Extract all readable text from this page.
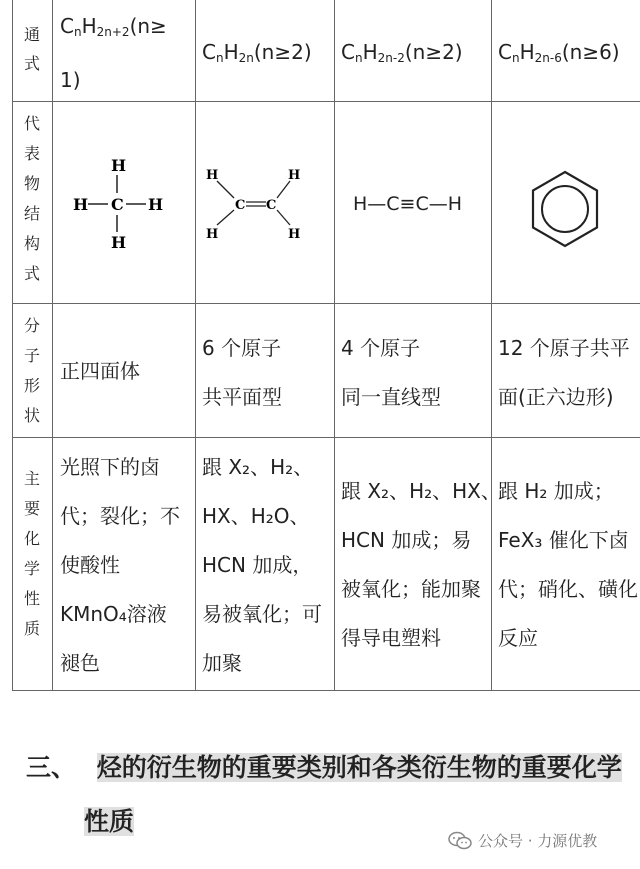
通
式
代
表
物
结
构
式
分
子
形
状
主
要
化
学
性
质
$C_nH_{2n+2}(n\ge$
1)
$C_nH_{2n}(n\ge 2)$ $C_nH_{2n-2}(n\ge 2)$ $C_nH_{2n-6}(n\ge 6)$
H
H C H
H
H
H
C C
H
H
H—C≡C—H
正四面体
6 个原子
共平面型
4 个原子
同一直线型
12 个原子共平
面(正六边形)
光照下的卤
代；裂化；不
使酸性
KMnO₄溶液
褪色
跟 X₂、H₂、
HX、H₂O、
HCN 加成，
易被氧化；可
加聚
跟 X₂、H₂、HX、
HCN 加成；易
被氧化；能加聚
得导电塑料
跟 H₂ 加成；
FeX₃ 催化下卤
代；硝化、磺化
反应
三、 烃的衍生物的重要类别和各类衍生物的重要化学
性质
公众号 · 力源优教
